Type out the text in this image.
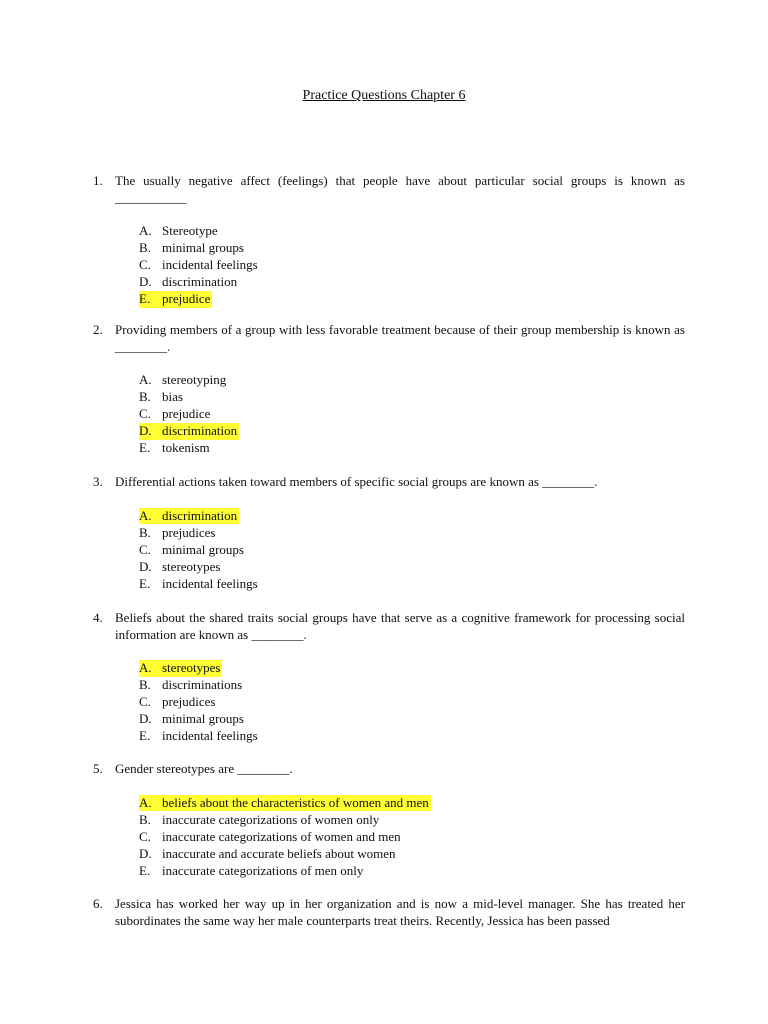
Practice Questions Chapter 6
1. The usually negative affect (feelings) that people have about particular social groups is known as ___________
A. Stereotype
B. minimal groups
C. incidental feelings
D. discrimination
E. prejudice
2. Providing members of a group with less favorable treatment because of their group membership is known as ________.
A. stereotyping
B. bias
C. prejudice
D. discrimination
E. tokenism
3. Differential actions taken toward members of specific social groups are known as ________.
A. discrimination
B. prejudices
C. minimal groups
D. stereotypes
E. incidental feelings
4. Beliefs about the shared traits social groups have that serve as a cognitive framework for processing social information are known as ________.
A. stereotypes
B. discriminations
C. prejudices
D. minimal groups
E. incidental feelings
5. Gender stereotypes are ________.
A. beliefs about the characteristics of women and men
B. inaccurate categorizations of women only
C. inaccurate categorizations of women and men
D. inaccurate and accurate beliefs about women
E. inaccurate categorizations of men only
6. Jessica has worked her way up in her organization and is now a mid-level manager. She has treated her subordinates the same way her male counterparts treat theirs. Recently, Jessica has been passed
